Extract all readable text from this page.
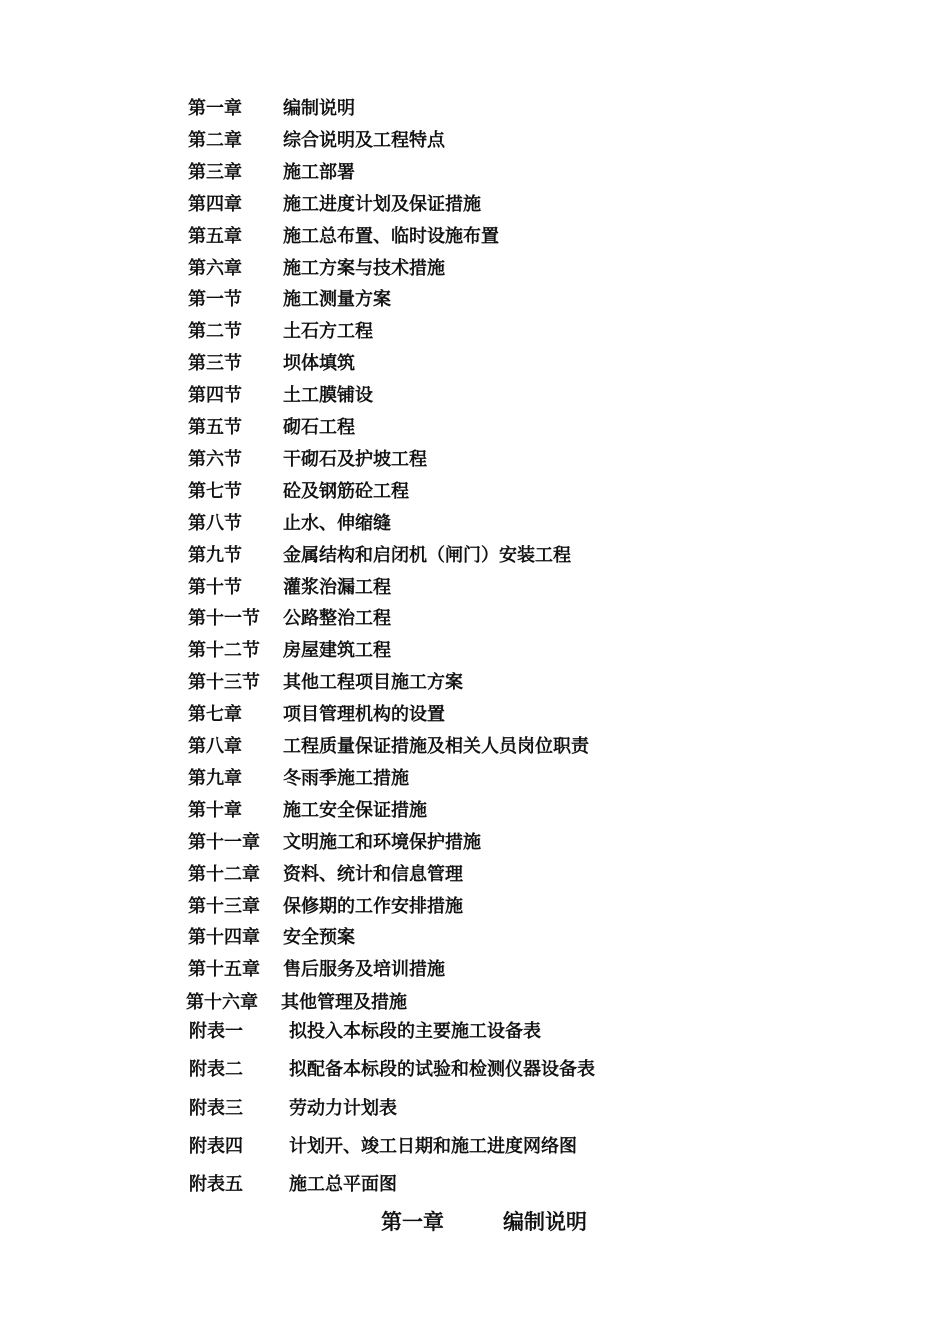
第一章 编制说明
第二章 综合说明及工程特点
第三章 施工部署
第四章 施工进度计划及保证措施
第五章 施工总布置、临时设施布置
第六章 施工方案与技术措施
第一节 施工测量方案
第二节 土石方工程
第三节 坝体填筑
第四节 土工膜铺设
第五节 砌石工程
第六节 干砌石及护坡工程
第七节 砼及钢筋砼工程
第八节 止水、伸缩缝
第九节 金属结构和启闭机（闸门）安装工程
第十节 灌浆治漏工程
第十一节 公路整治工程
第十二节 房屋建筑工程
第十三节 其他工程项目施工方案
第七章 项目管理机构的设置
第八章 工程质量保证措施及相关人员岗位职责
第九章 冬雨季施工措施
第十章 施工安全保证措施
第十一章 文明施工和环境保护措施
第十二章 资料、统计和信息管理
第十三章 保修期的工作安排措施
第十四章 安全预案
第十五章 售后服务及培训措施
第十六章 其他管理及措施
附表一	拟投入本标段的主要施工设备表
附表二	拟配备本标段的试验和检测仪器设备表
附表三	劳动力计划表
附表四	计划开、竣工日期和施工进度网络图
附表五	施工总平面图
第一章	编制说明
